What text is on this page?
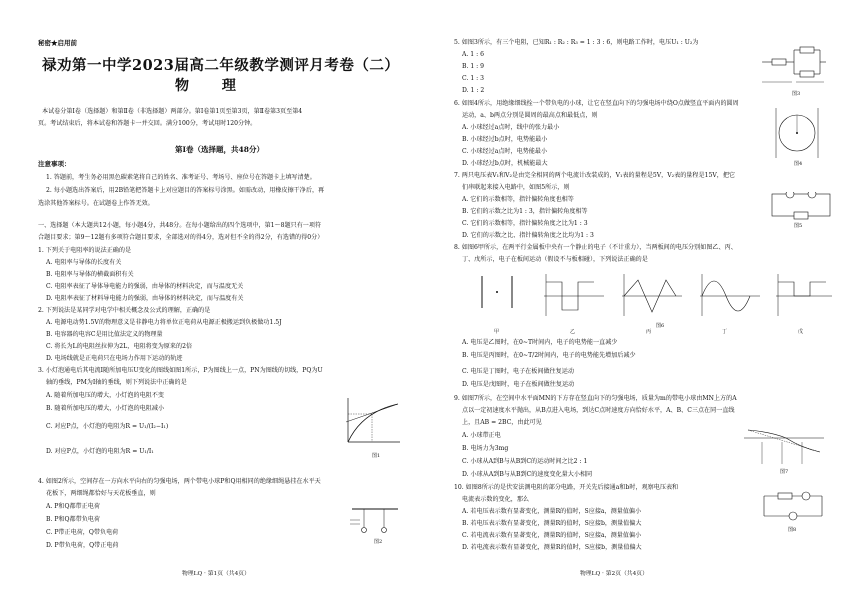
秘密★启用前
禄劝第一中学2023届高二年级教学测评月考卷（二）
物 理
本试卷分第Ⅰ卷（选择题）和第Ⅱ卷（非选择题）两部分。第Ⅰ卷第1页至第3页，第Ⅱ卷第3页至第4
页。考试结束后，将本试卷和答题卡一并交回。满分100分，考试用时120分钟。
第Ⅰ卷（选择题，共48分）
注意事项：
1. 答题前，考生务必用黑色碳素笔将自己的姓名、准考证号、考场号、座位号在答题卡上填写清楚。
2. 每小题选出答案后，用2B铅笔把答题卡上对应题目的答案标号涂黑。如需改动，用橡皮擦干净后，再
选涂其他答案标号。在试题卷上作答无效。
一、选择题（本大题共12小题，每小题4分，共48分。在每小题给出的四个选项中，第1～8题只有一项符
合题目要求；第9～12题有多项符合题目要求，全部选对的得4分，选对但不全的得2分，有选错的得0分）
1. 下列关于电阻率的说法正确的是
A. 电阻率与导体的长度有关
B. 电阻率与导体的横截面积有关
C. 电阻率表征了导体导电能力的强弱，由导体的材料决定，而与温度无关
D. 电阻率表征了材料导电能力的强弱，由导体的材料决定，而与温度有关
2. 下列说法是某同学对电学中相关概念及公式的理解，正确的是
A. 电源电动势1.5V的物理意义是非静电力将单位正电荷从电源正极搬运到负极做功1.5J
B. 电容器的电容C是用比值法定义的物理量
C. 将长为L的电阻丝拉伸为2L，电阻将变为原来的2倍
D. 电场线就是正电荷只在电场力作用下运动的轨迹
3. 小灯泡通电后其电流I随所加电压U变化的图线如图1所示，P为图线上一点，PN为图线的切线，PQ为U
轴的垂线，PM为I轴的垂线，则下列说法中正确的是
A. 随着所加电压的增大，小灯泡的电阻不变
B. 随着所加电压的增大，小灯泡的电阻减小
C. 对应P点，小灯泡的电阻为R = U₁/(I₂−I₁)
D. 对应P点，小灯泡的电阻为R = U₁/I₁
图1
4. 如图2所示，空间存在一方向水平向右的匀强电场，两个带电小球P和Q用相同的绝缘细绳悬挂在水平天
花板下，两细绳都恰好与天花板垂直，则
A. P和Q都带正电荷
B. P和Q都带负电荷
C. P带正电荷，Q带负电荷
D. P带负电荷，Q带正电荷	图2
物理LQ · 第1页（共4页）
5. 如图3所示，有三个电阻，已知R₁ : R₂ : R₃ = 1 : 3 : 6，则电路工作时，电压U₁ : U₂为
A. 1 : 6
B. 1 : 9
C. 1 : 3
D. 1 : 2	图3
6. 如图4所示，用绝缘细线拴一个带负电的小球，让它在竖直向下的匀强电场中绕O点做竖直平面内的圆周
运动，a、b两点分别是圆周的最高点和最低点，则
A. 小球经过a点时，线中的张力最小
B. 小球经过b点时，电势能最小
C. 小球经过a点时，电势能最小
D. 小球经过b点时，机械能最大	图4
7. 两只电压表V₁和V₂是由完全相同的两个电流计改装成的，V₁表的量程是5V，V₂表的量程是15V，把它
们串联起来接入电路中，如图5所示，则
A. 它们的示数相等，指针偏转角度也相等
B. 它们的示数之比为1 : 3，指针偏转角度相等
C. 它们的示数相等，指针偏转角度之比为1 : 3
D. 它们的示数之比、指针偏转角度之比均为1 : 3
图5
8. 如图6甲所示，在两平行金属板中央有一个静止的电子（不计重力），当两板间的电压分别如图乙、丙、
丁、戊所示，电子在板间运动（假设不与板相碰），下列说法正确的是
甲	乙	丙	丁	戊
图6
A. 电压是乙图时，在0~T时间内，电子的电势能一直减少
B. 电压是丙图时，在0~T/2时间内，电子的电势能先增加后减少
C. 电压是丁图时，电子在板间做往复运动
D. 电压是戊图时，电子在板间做往复运动
9. 如图7所示，在空间中水平面MN的下方存在竖直向下的匀强电场，质量为m的带电小球由MN上方的A
点以一定初速度水平抛出，从B点进入电场，到达C点时速度方向恰好水平，A、B、C三点在同一直线
上，且AB = 2BC，由此可见
A. 小球带正电
B. 电场力为3mg
C. 小球从A到B与从B到C的运动时间之比2 : 1
D. 小球从A到B与从B到C的速度变化量大小相同	图7
10. 如图8所示的是伏安法测电阻的部分电路，开关先后接通a和b时，观察电压表和
电流表示数的变化，那么
A. 若电压表示数有显著变化，测量R的值时，S应接a，测量值偏小
B. 若电压表示数有显著变化，测量R的值时，S应接b，测量值偏大
C. 若电流表示数有显著变化，测量R的值时，S应接a，测量值偏小
D. 若电流表示数有显著变化，测量R的值时，S应接b，测量值偏大
图8
物理LQ · 第2页（共4页）
